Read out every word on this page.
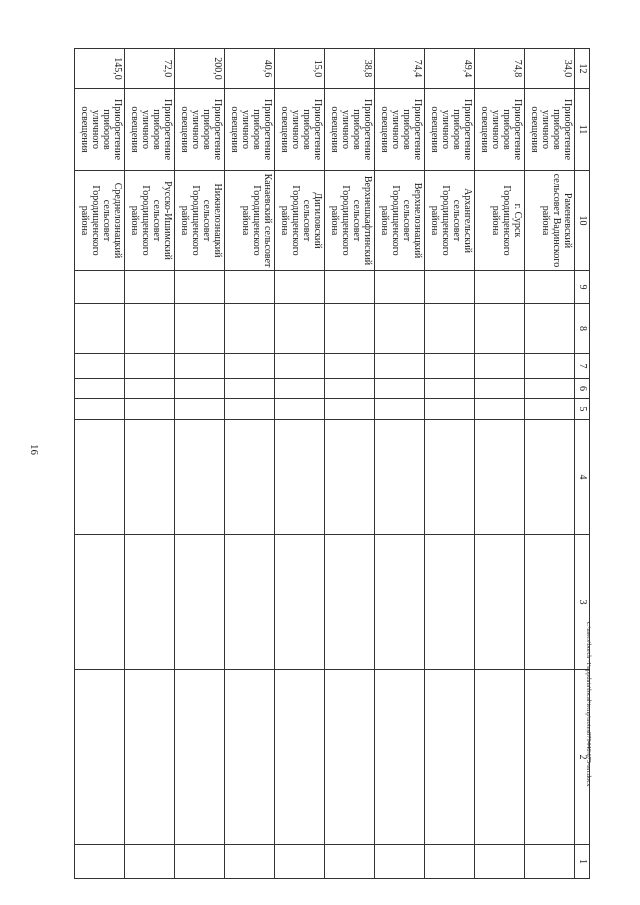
16
12	11	10	9	8	7	6	5	4	3	2	1
34,0	Приобретение приборов уличного освещения	Раменевский сельсовет Вадинского района									
74,8	Приобретение приборов уличного освещения	г. Сурск Городищенского района									
49,4	Приобретение приборов уличного освещения	Архангельский сельсовет Городищенского района									
74,4	Приобретение приборов уличного освещения	Верхнелознацкий сельсовет Городищенского района									
38,8	Приобретение приборов уличного освещения	Верхнешкафтинский сельсовет Городищенского района									
15,0	Приобретение приборов уличного освещения	Дигиловский сельсовет Городищенского района									
40,6	Приобретение приборов уличного освещения	Канаевский сельсовет Городищенского района									
200,0	Приобретение приборов уличного освещения	Нижнелознацкий сельсовет Городищенского района									
72,0	Приобретение приборов уличного освещения	Русско-Ишимский сельсовет Городищенского района									
145,0	Приобретение приборов уличного освещения	Среднелознацкий сельсовет Городищенского района									
c:\users\borch~1\appdata\local\temp\notes879446\675-ип.docx
